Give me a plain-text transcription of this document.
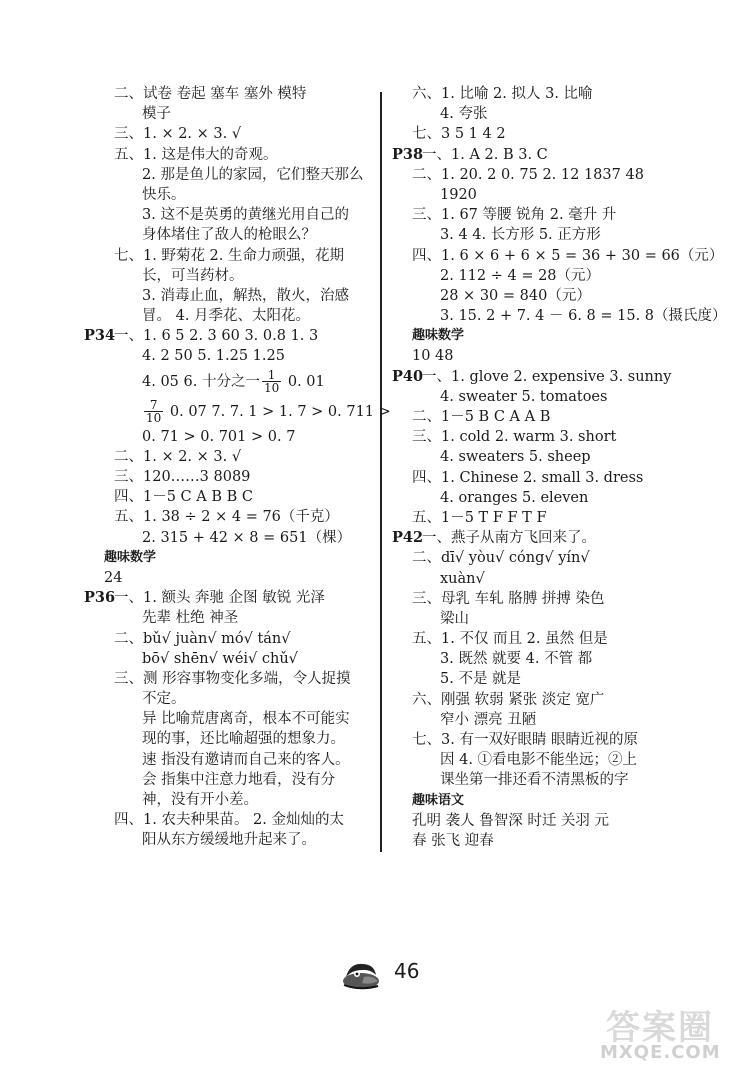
二、试卷 卷起 塞车 塞外 模特
模子
三、1. × 2. × 3. √
五、1. 这是伟大的奇观。
2. 那是鱼儿的家园，它们整天那么
快乐。
3. 这不是英勇的黄继光用自己的
身体堵住了敌人的枪眼么？
七、1. 野菊花 2. 生命力顽强，花期
长，可当药材。
3. 消毒止血，解热，散火，治感
冒。 4. 月季花、太阳花。
P34
一、1. 6 5 2. 3 60 3. 0.8 1. 3
4. 2 50 5. 1.25 1.25
4. 05 6. 十分之一 $\frac{1}{10} 0$. 01
$\frac{7}{10} 0$. 07 7. 7. 1 > 1. 7 > 0. 711 >
0. 71 > 0. 701 > 0. 7
二、1. × 2. × 3. √
三、120……3 8089
四、1－5 C A B B C
五、1. 38 ÷ 2 × 4 = 76（千克）
2. 315 + 42 × 8 = 651（棵）
趣味数学
24
P36
一、1. 额头 奔驰 企图 敏锐 光泽
先辈 杜绝 神圣
二、bǔ√ juàn√ mó√ tán√
bō√ shēn√ wéi√ chǔ√
三、测 形容事物变化多端，令人捉摸
不定。
异 比喻荒唐离奇，根本不可能实
现的事，还比喻超强的想象力。
速 指没有邀请而自己来的客人。
会 指集中注意力地看，没有分
神，没有开小差。
四、1. 农夫种果苗。 2. 金灿灿的太
阳从东方缓缓地升起来了。
六、1. 比喻 2. 拟人 3. 比喻
4. 夸张
七、3 5 1 4 2
P38
一、1. A 2. B 3. C
二、1. 20. 2 0. 75 2. 12 1837 48
1920
三、1. 67 等腰 锐角 2. 毫升 升
3. 4 4. 长方形 5. 正方形
四、1. 6 × 6 + 6 × 5 = 36 + 30 = 66（元）
2. 112 ÷ 4 = 28（元）
28 × 30 = 840（元）
3. 15. 2 + 7. 4 － 6. 8 = 15. 8（摄氏度）
趣味数学
10 48
P40
一、1. glove 2. expensive 3. sunny
4. sweater 5. tomatoes
二、1－5 B C A A B
三、1. cold 2. warm 3. short
4. sweaters 5. sheep
四、1. Chinese 2. small 3. dress
4. oranges 5. eleven
五、1－5 T F F T F
P42
一、燕子从南方飞回来了。
二、dī√ yòu√ cóng√ yín√
xuàn√
三、母乳 车轧 胳膊 拼搏 染色
梁山
五、1. 不仅 而且 2. 虽然 但是
3. 既然 就要 4. 不管 都
5. 不是 就是
六、刚强 软弱 紧张 淡定 宽广
窄小 漂亮 丑陋
七、3. 有一双好眼睛 眼睛近视的原
因 4. ①看电影不能坐远；②上
课坐第一排还看不清黑板的字
趣味语文
孔明 袭人 鲁智深 时迁 关羽 元
春 张飞 迎春
46
答案圈
MXQE.COM
